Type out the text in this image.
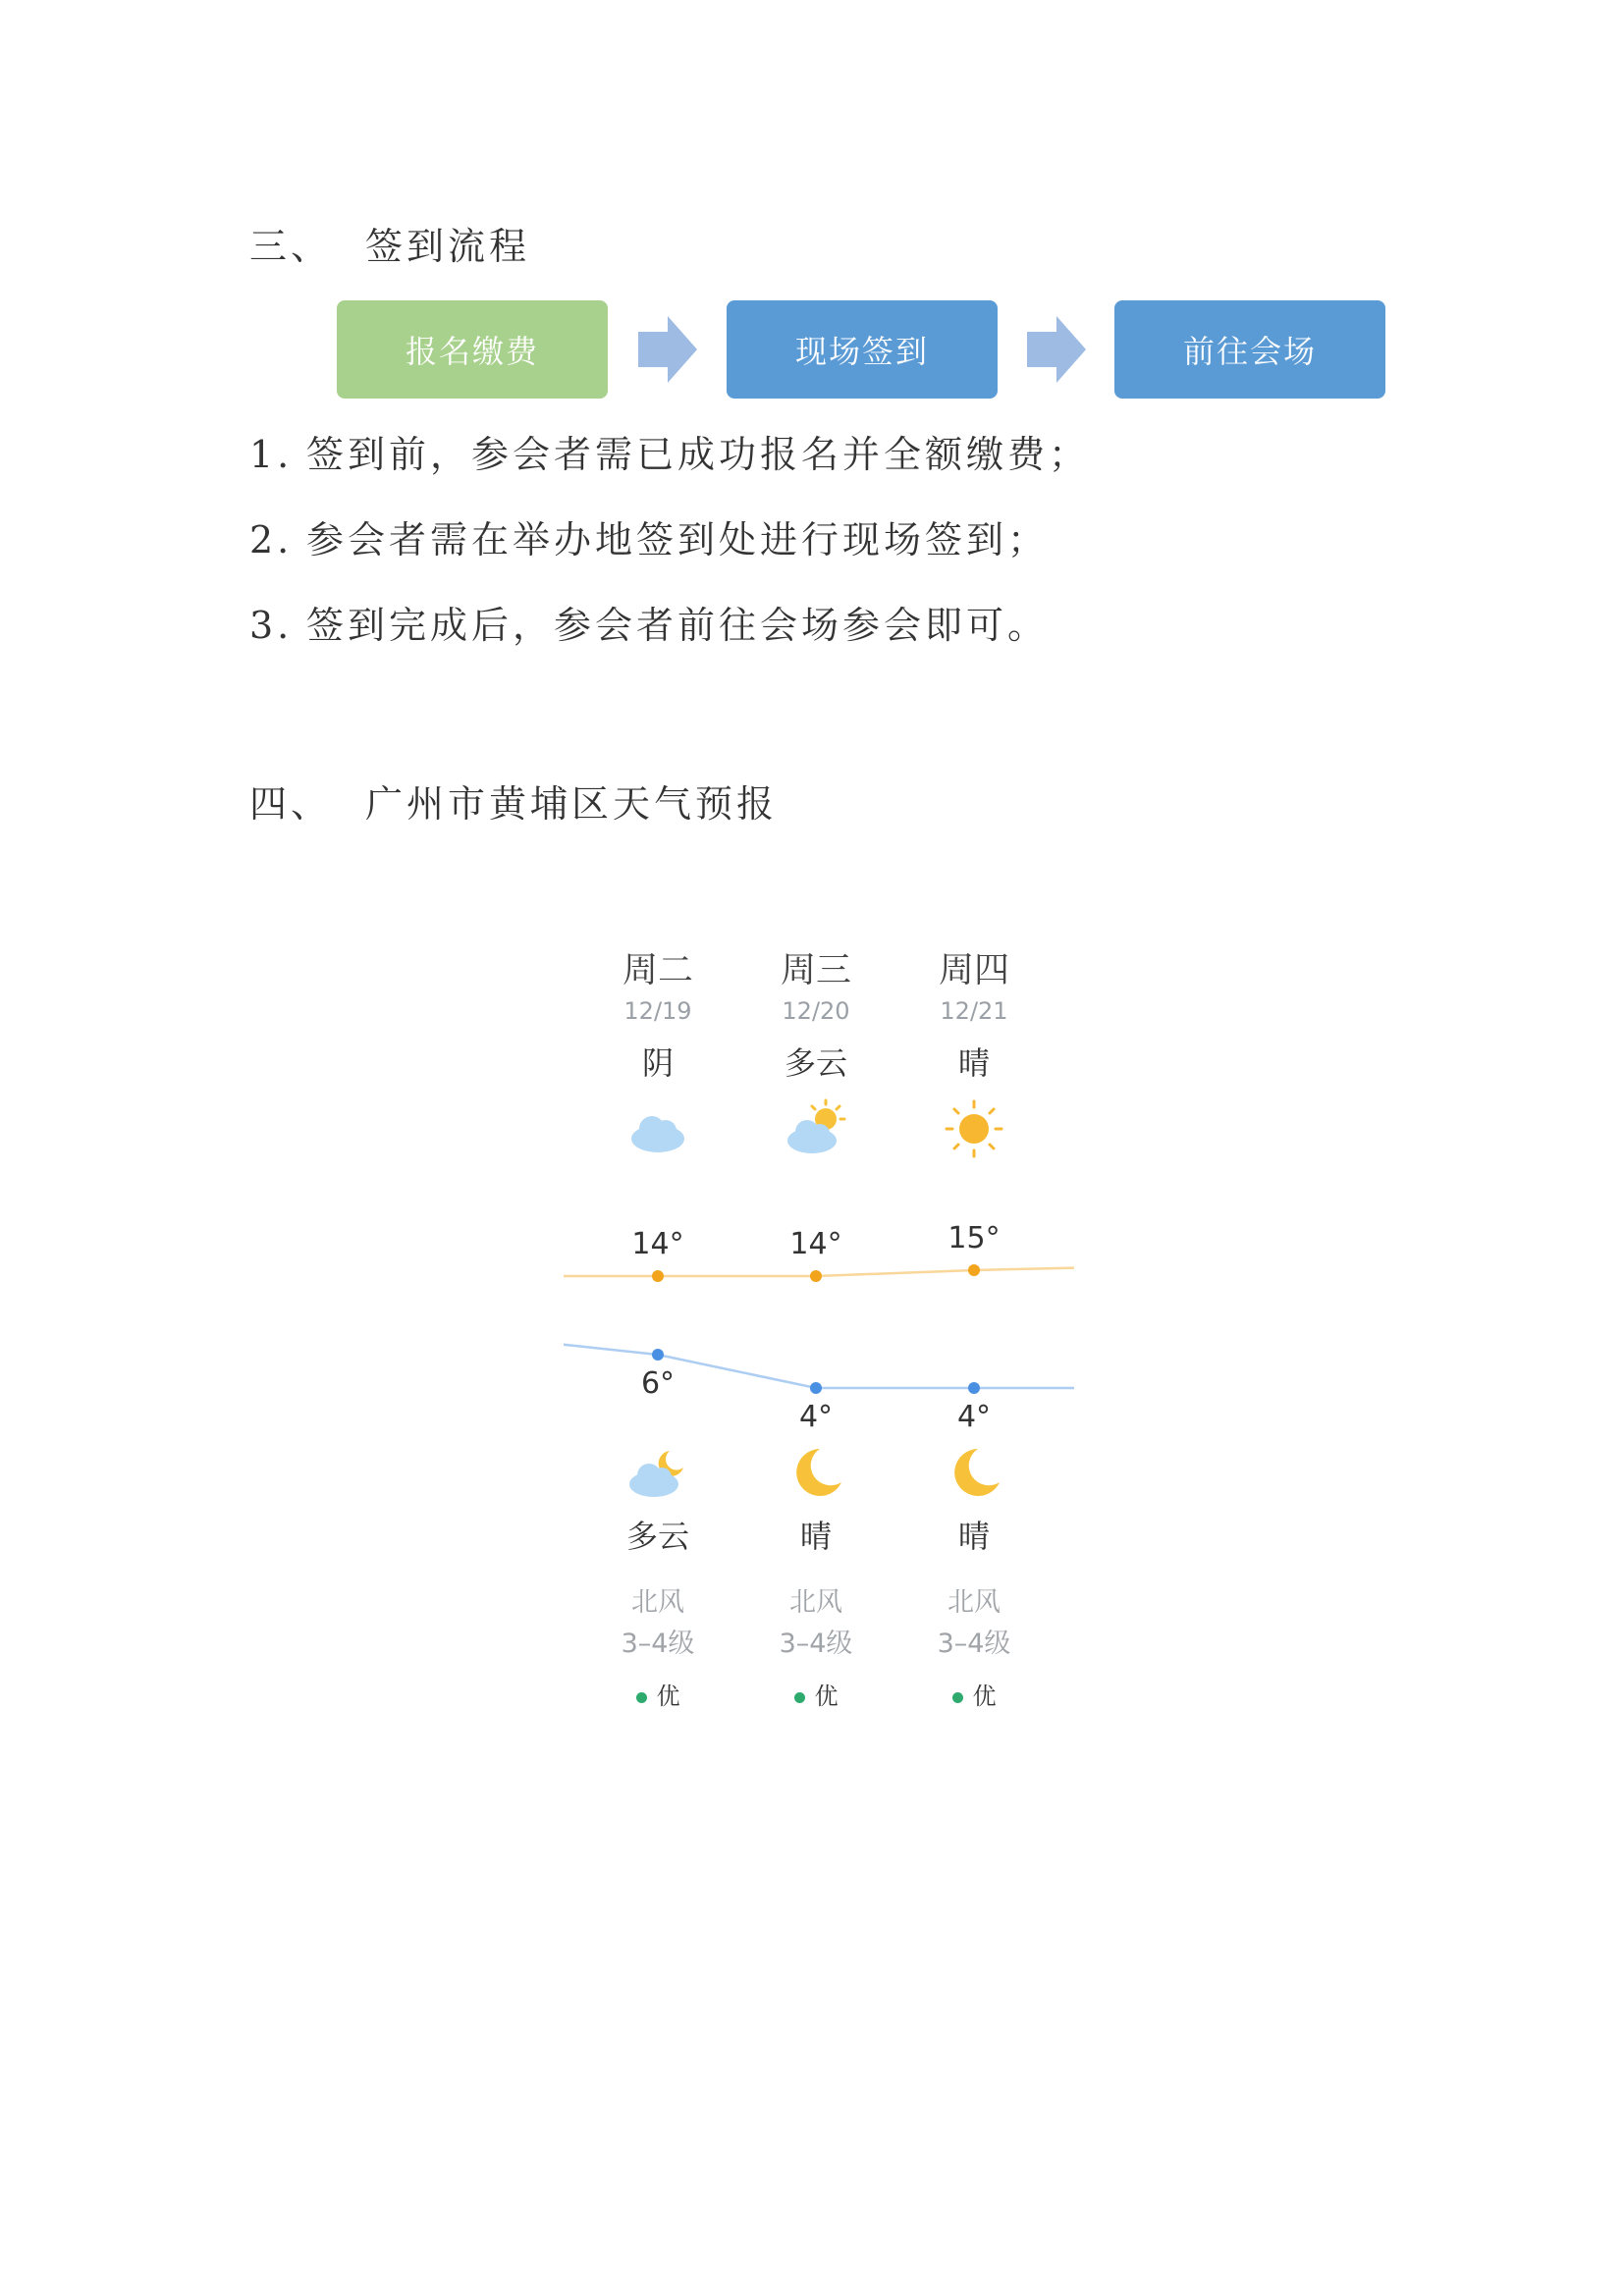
三、 签到流程
报名缴费	现场签到	前往会场
1. 签到前，参会者需已成功报名并全额缴费；
2. 参会者需在举办地签到处进行现场签到；
3. 签到完成后，参会者前往会场参会即可。
四、 广州市黄埔区天气预报
周二
12/19
阴
14°
6°
多云
北风
3–4级
优
周三
12/20
多云
14°
4°
晴
北风
3–4级
优
周四
12/21
晴
15°
4°
晴
北风
3–4级
优
